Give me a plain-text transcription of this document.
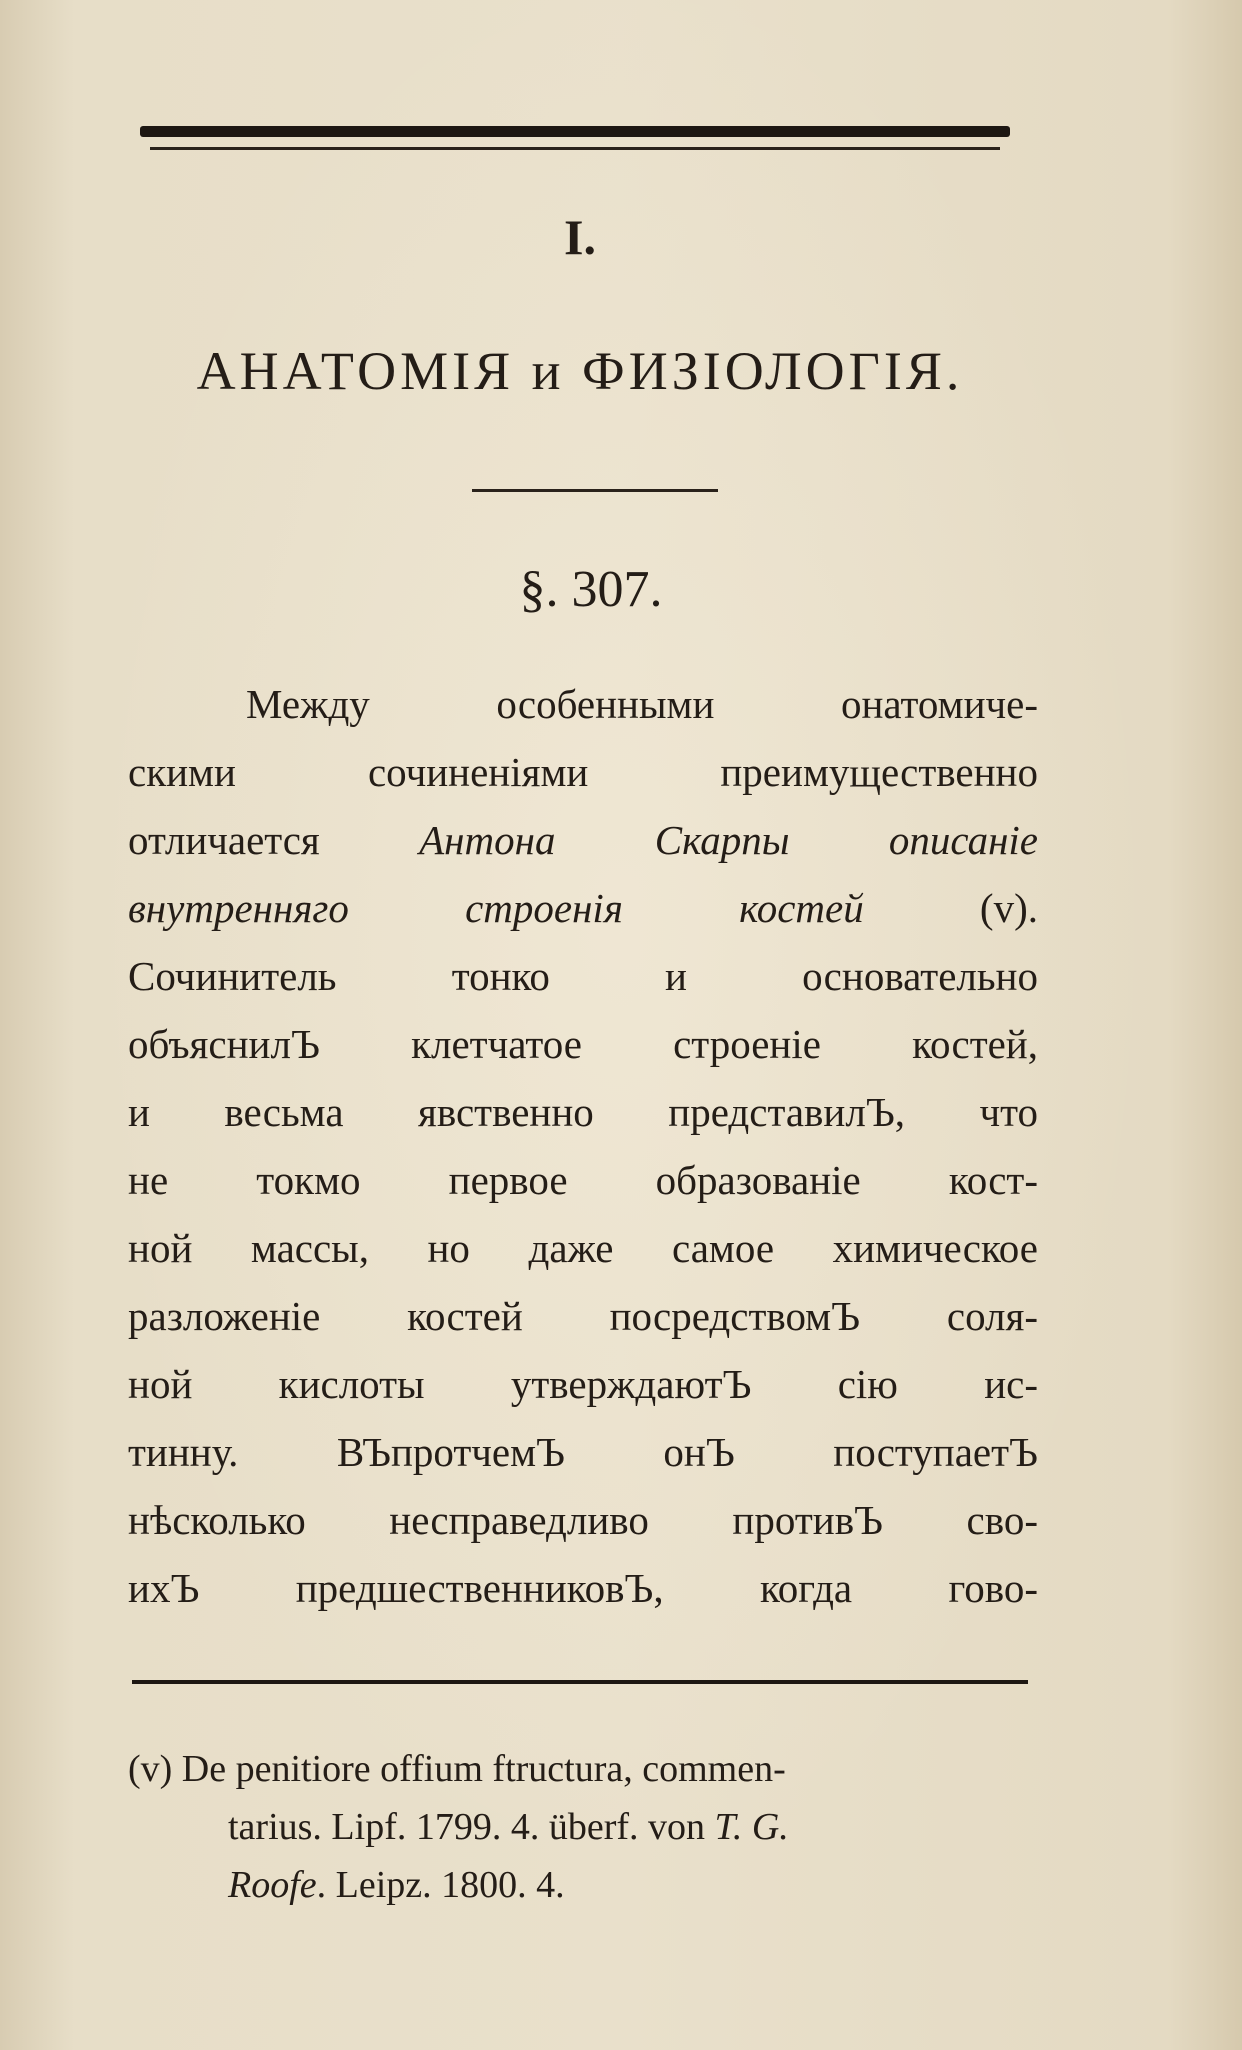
I.
АНАТОМІЯ и ФИЗІОЛОГІЯ.
§. 307.
Между особенными онатомиче-
скими сочиненіями преимущественно
отличается Антона Скарпы описаніе
внутренняго строенія костей (v).
Сочинитель тонко и основательно
объяснилЪ клетчатое строеніе костей,
и весьма явственно представилЪ, что
не токмо первое образованіе кост-
ной массы, но даже самое химическое
разложеніе костей посредствомЪ соля-
ной кислоты утверждаютЪ сію ис-
тинну. ВЪпротчемЪ онЪ поступаетЪ
нѣсколько несправедливо противЪ сво-
ихЪ предшественниковЪ, когда гово-
(v) De penitiore offium ftructura, commen-
tarius. Lipf. 1799. 4. überf. von T. G.
Roofe. Leipz. 1800. 4.
